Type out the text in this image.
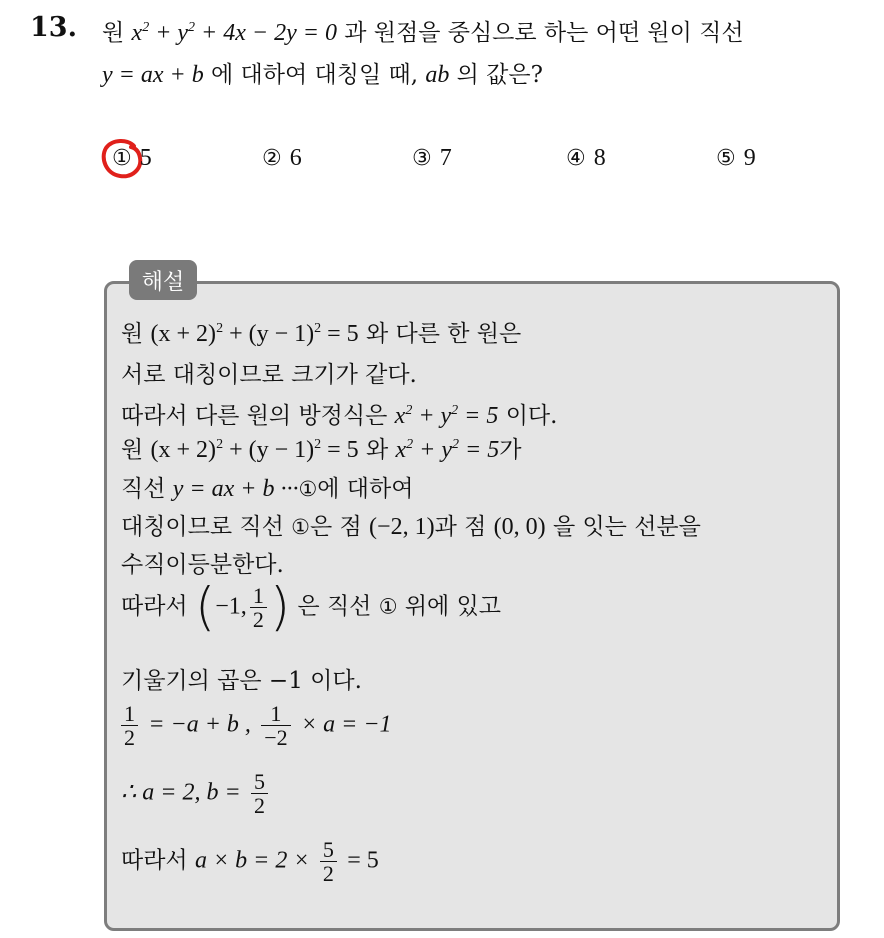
13. 원 $x^2 + y^2 + 4x - 2y = 0$ 과 원점을 중심으로 하는 어떤 원이 직선
y = ax + b 에 대하여 대칭일 때, ab 의 값은?
① 5	② 6	③ 7	④ 8	⑤ 9
해설
원 $(x + 2)^2 + (y - 1)^2 = 5$ 와 다른 한 원은
서로 대칭이므로 크기가 같다.
따라서 다른 원의 방정식은 $x^2 + y^2 = 5$ 이다.
원 $(x + 2)^2 + (y - 1)^2 = 5$ 와 $x^2 + y^2 = 5$가
직선 y = ax + b ···①에 대하여
대칭이므로 직선 ①은 점 (−2, 1)과 점 (0, 0) 을 잇는 선분을
수직이등분한다.
따라서 (−1, $\frac{1}{2}$ ) 은 직선 ① 위에 있고
기울기의 곱은 −1 이다.
$\frac{1}{2} = -a + b$ , $\frac{1}{-2} \times a = -1$
∴ a = 2, $b = \frac{5}{2}$
따라서 $a \times b = 2 \times \frac{5}{2} = 5$
